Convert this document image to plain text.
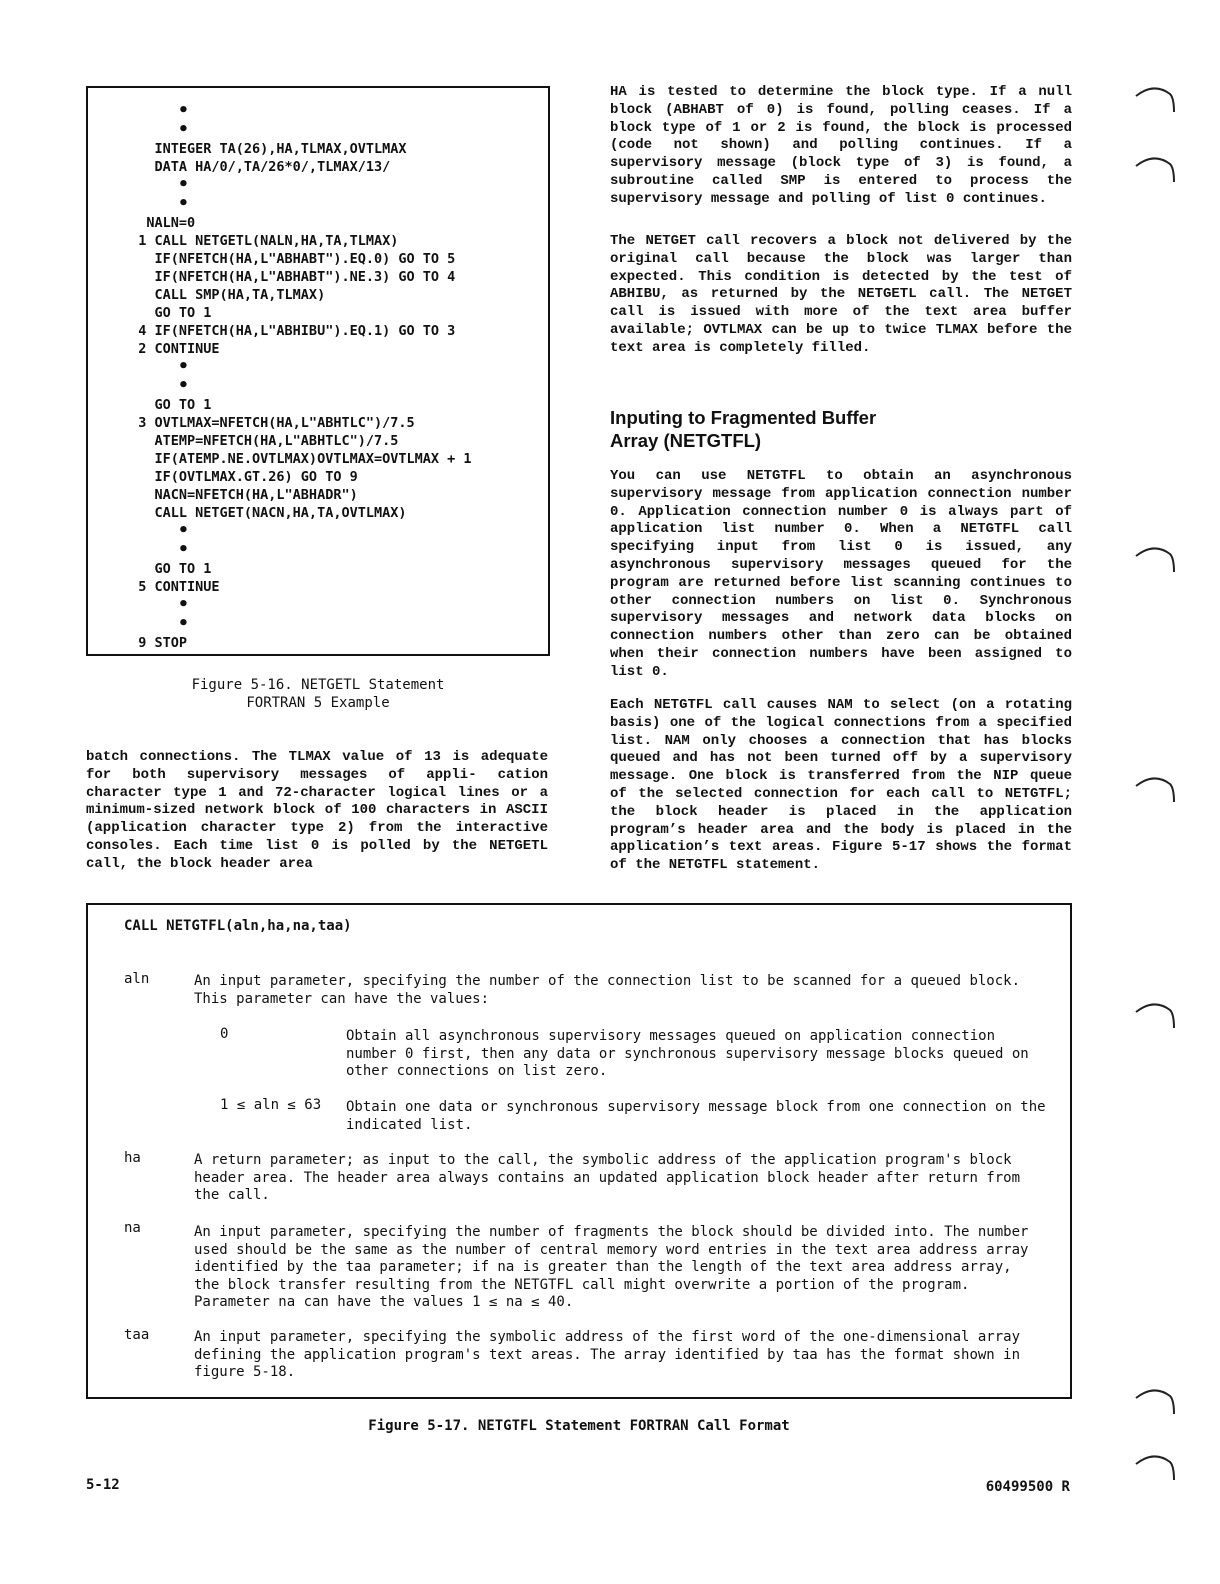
•
•
INTEGER TA(26),HA,TLMAX,OVTLMAX
DATA HA/0/,TA/26*0/,TLMAX/13/
•
•
NALN=0
1 CALL NETGETL(NALN,HA,TA,TLMAX)
IF(NFETCH(HA,L"ABHABT").EQ.0) GO TO 5
IF(NFETCH(HA,L"ABHABT").NE.3) GO TO 4
CALL SMP(HA,TA,TLMAX)
GO TO 1
4 IF(NFETCH(HA,L"ABHIBU").EQ.1) GO TO 3
2 CONTINUE
•
•
GO TO 1
3 OVTLMAX=NFETCH(HA,L"ABHTLC")/7.5
ATEMP=NFETCH(HA,L"ABHTLC")/7.5
IF(ATEMP.NE.OVTLMAX)OVTLMAX=OVTLMAX + 1
IF(OVTLMAX.GT.26) GO TO 9
NACN=NFETCH(HA,L"ABHADR")
CALL NETGET(NACN,HA,TA,OVTLMAX)
•
•
GO TO 1
5 CONTINUE
•
•
9 STOP
Figure 5-16. NETGETL Statement
FORTRAN 5 Example
batch connections. The TLMAX value of 13 is adequate for both supervisory messages of appli- cation character type 1 and 72-character logical lines or a minimum-sized network block of 100 characters in ASCII (application character type 2) from the interactive consoles. Each time list 0 is polled by the NETGETL call, the block header area
HA is tested to determine the block type. If a null block (ABHABT of 0) is found, polling ceases. If a block type of 1 or 2 is found, the block is processed (code not shown) and polling continues. If a supervisory message (block type of 3) is found, a subroutine called SMP is entered to process the supervisory message and polling of list 0 continues.
The NETGET call recovers a block not delivered by the original call because the block was larger than expected. This condition is detected by the test of ABHIBU, as returned by the NETGETL call. The NETGET call is issued with more of the text area buffer available; OVTLMAX can be up to twice TLMAX before the text area is completely filled.
Inputing to Fragmented Buffer
Array (NETGTFL)
You can use NETGTFL to obtain an asynchronous supervisory message from application connection number 0. Application connection number 0 is always part of application list number 0. When a NETGTFL call specifying input from list 0 is issued, any asynchronous supervisory messages queued for the program are returned before list scanning continues to other connection numbers on list 0. Synchronous supervisory messages and network data blocks on connection numbers other than zero can be obtained when their connection numbers have been assigned to list 0.
Each NETGTFL call causes NAM to select (on a rotating basis) one of the logical connections from a specified list. NAM only chooses a connection that has blocks queued and has not been turned off by a supervisory message. One block is transferred from the NIP queue of the selected connection for each call to NETGTFL; the block header is placed in the application program’s header area and the body is placed in the application’s text areas. Figure 5-17 shows the format of the NETGTFL statement.
CALL NETGTFL(aln,ha,na,taa)
aln	An input parameter, specifying the number of the connection list to be scanned for a queued block. This parameter can have the values:
0	Obtain all asynchronous supervisory messages queued on application connection number 0 first, then any data or synchronous supervisory message blocks queued on other connections on list zero.
1 ≤ aln ≤ 63 Obtain one data or synchronous supervisory message block from one connection on the indicated list.
ha	A return parameter; as input to the call, the symbolic address of the application program's block header area. The header area always contains an updated application block header after return from the call.
na	An input parameter, specifying the number of fragments the block should be divided into. The number used should be the same as the number of central memory word entries in the text area address array identified by the taa parameter; if na is greater than the length of the text area address array, the block transfer resulting from the NETGTFL call might overwrite a portion of the program. Parameter na can have the values 1 ≤ na ≤ 40.
taa	An input parameter, specifying the symbolic address of the first word of the one-dimensional array defining the application program's text areas. The array identified by taa has the format shown in figure 5-18.
Figure 5-17. NETGTFL Statement FORTRAN Call Format
5-12	60499500 R
